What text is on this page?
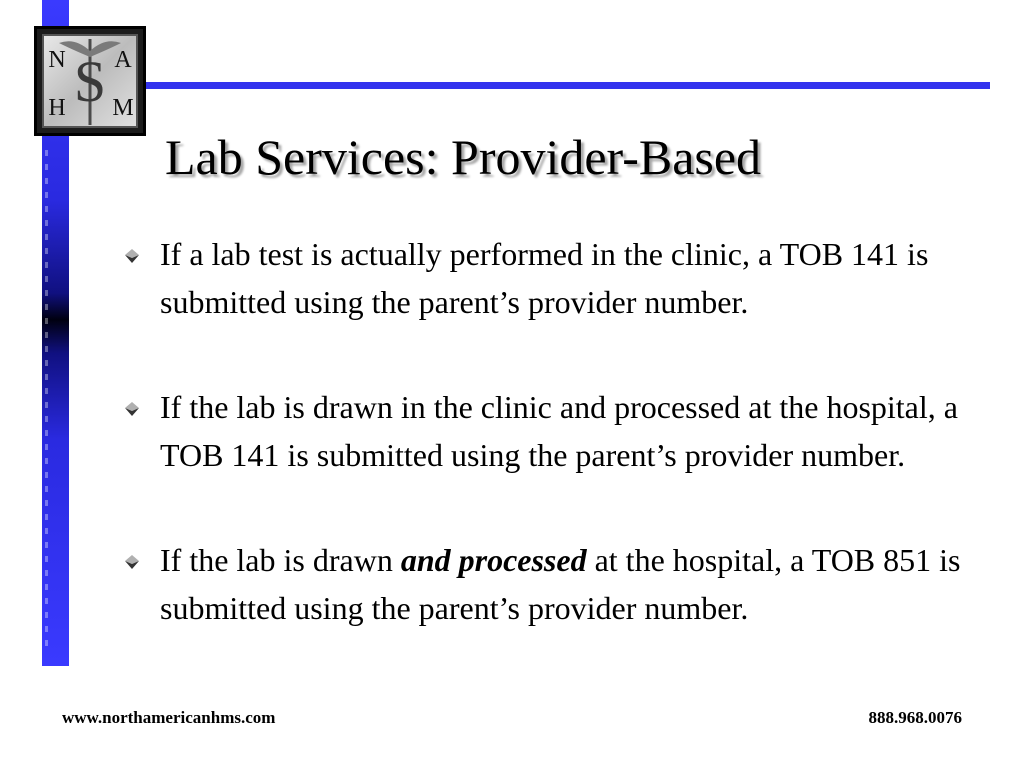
S
N A
H M
Lab Services: Provider-Based
If a lab test is actually performed in the clinic, a TOB 141 is submitted using the parent’s provider number.
If the lab is drawn in the clinic and processed at the hospital, a TOB 141 is submitted using the parent’s provider number.
If the lab is drawn and processed at the hospital, a TOB 851 is submitted using the parent’s provider number.
www.northamericanhms.com	888.968.0076
